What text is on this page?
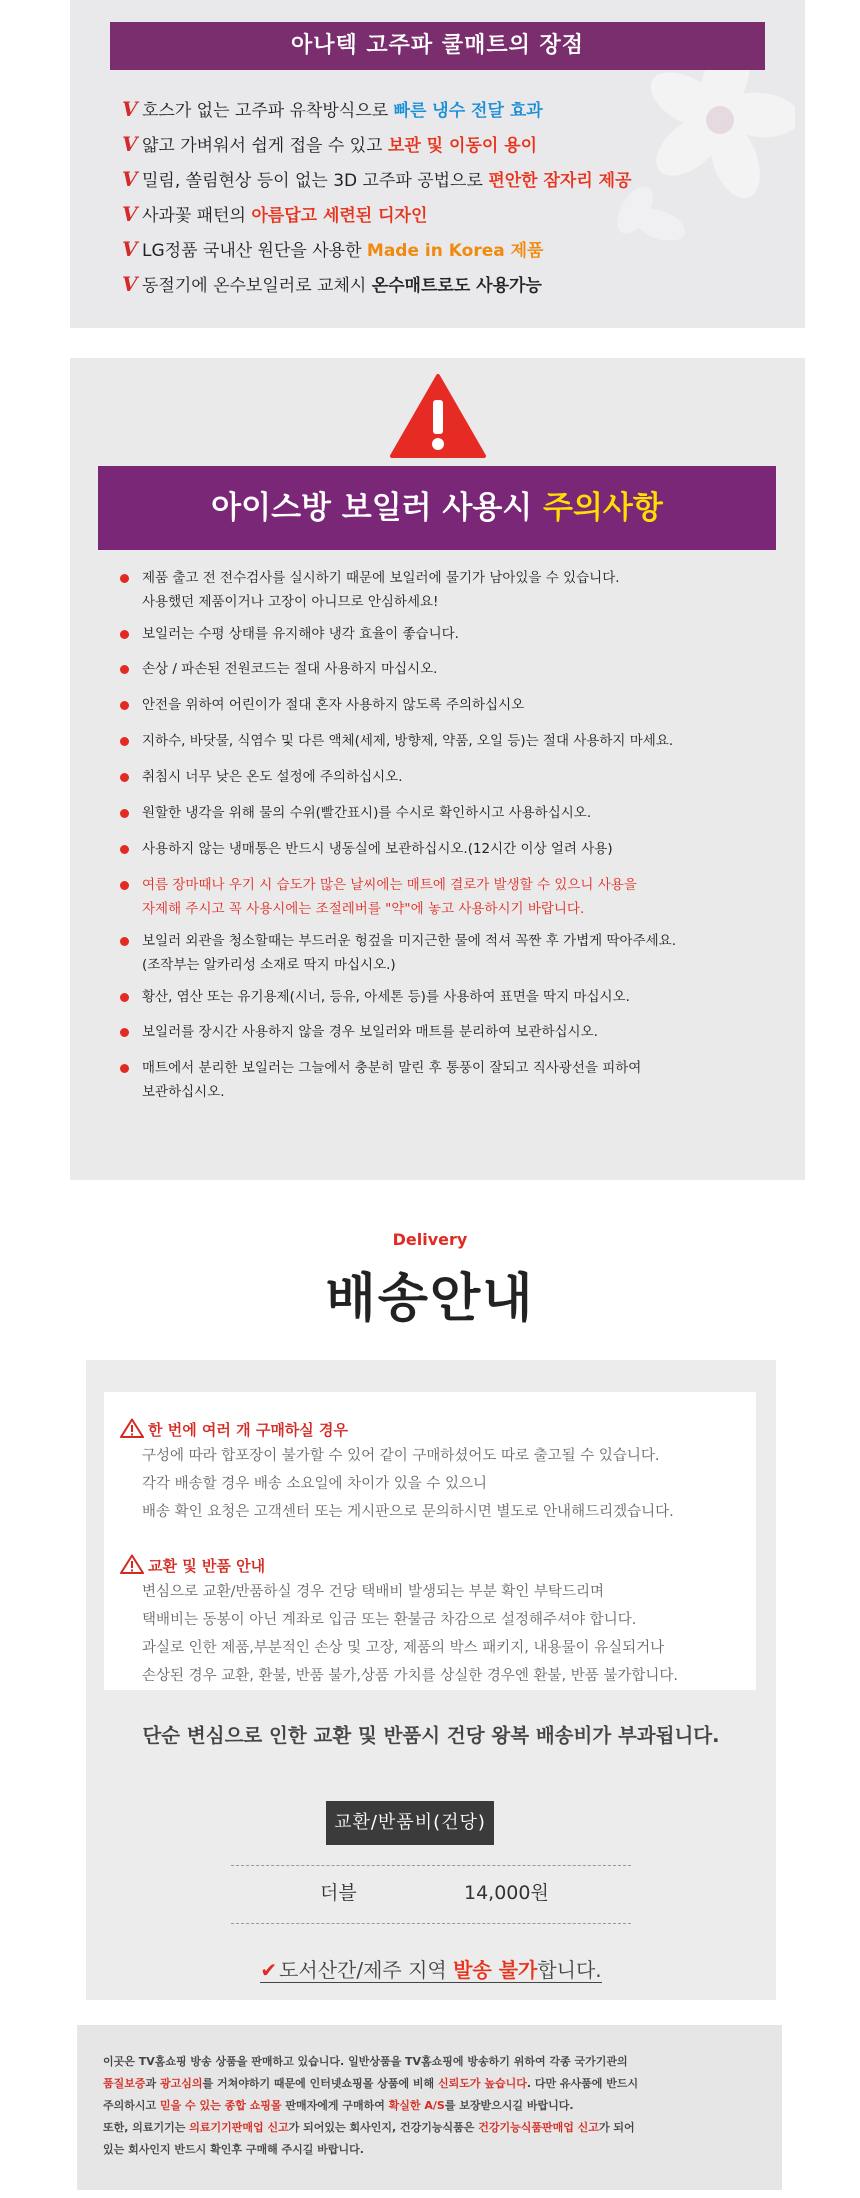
아나텍 고주파 쿨매트의 장점
V 호스가 없는 고주파 유착방식으로 빠른 냉수 전달 효과
V 얇고 가벼워서 쉽게 접을 수 있고 보관 및 이동이 용이
V 밀림, 쏠림현상 등이 없는 3D 고주파 공법으로 편안한 잠자리 제공
V 사과꽃 패턴의 아름답고 세련된 디자인
V LG정품 국내산 원단을 사용한 Made in Korea 제품
V 동절기에 온수보일러로 교체시 온수매트로도 사용가능
아이스방 보일러 사용시 주의사항
제품 출고 전 전수검사를 실시하기 때문에 보일러에 물기가 남아있을 수 있습니다.
사용했던 제품이거나 고장이 아니므로 안심하세요!
보일러는 수평 상태를 유지해야 냉각 효율이 좋습니다.
손상 / 파손된 전원코드는 절대 사용하지 마십시오.
안전을 위하여 어린이가 절대 혼자 사용하지 않도록 주의하십시오
지하수, 바닷물, 식염수 및 다른 액체(세제, 방향제, 약품, 오일 등)는 절대 사용하지 마세요.
취침시 너무 낮은 온도 설정에 주의하십시오.
원할한 냉각을 위해 물의 수위(빨간표시)를 수시로 확인하시고 사용하십시오.
사용하지 않는 냉매통은 반드시 냉동실에 보관하십시오.(12시간 이상 얼려 사용)
여름 장마때나 우기 시 습도가 많은 날씨에는 매트에 결로가 발생할 수 있으니 사용을
자제해 주시고 꼭 사용시에는 조절레버를 "약"에 놓고 사용하시기 바랍니다.
보일러 외관을 청소할때는 부드러운 헝겊을 미지근한 물에 적셔 꼭짠 후 가볍게 딱아주세요.
(조작부는 알카리성 소재로 딱지 마십시오.)
황산, 염산 또는 유기용제(시너, 등유, 아세톤 등)를 사용하여 표면을 딱지 마십시오.
보일러를 장시간 사용하지 않을 경우 보일러와 매트를 분리하여 보관하십시오.
매트에서 분리한 보일러는 그늘에서 충분히 말린 후 통풍이 잘되고 직사광선을 피하여
보관하십시오.
Delivery
배송안내
한 번에 여러 개 구매하실 경우
구성에 따라 합포장이 불가할 수 있어 같이 구매하셨어도 따로 출고될 수 있습니다.
각각 배송할 경우 배송 소요일에 차이가 있을 수 있으니
배송 확인 요청은 고객센터 또는 게시판으로 문의하시면 별도로 안내해드리겠습니다.
교환 및 반품 안내
변심으로 교환/반품하실 경우 건당 택배비 발생되는 부분 확인 부탁드리며
택배비는 동봉이 아닌 계좌로 입금 또는 환불금 차감으로 설정해주셔야 합니다.
과실로 인한 제품,부분적인 손상 및 고장, 제품의 박스 패키지, 내용물이 유실되거나
손상된 경우 교환, 환불, 반품 불가,상품 가치를 상실한 경우엔 환불, 반품 불가합니다.
단순 변심으로 인한 교환 및 반품시 건당 왕복 배송비가 부과됩니다.
교환/반품비(건당)
더블	14,000원
✔ 도서산간/제주 지역 발송 불가합니다.

이곳은 TV홈쇼핑 방송 상품을 판매하고 있습니다. 일반상품을 TV홈쇼핑에 방송하기 위하여 각종 국가기관의

품질보증과 광고심의를 거쳐야하기 때문에 인터넷쇼핑몰 상품에 비해 신뢰도가 높습니다. 다만 유사품에 반드시

주의하시고 믿을 수 있는 종합 쇼핑몰 판매자에게 구매하여 확실한 A/S를 보장받으시길 바랍니다.

또한, 의료기기는 의료기기판매업 신고가 되어있는 회사인지, 건강기능식품은 건강기능식품판매업 신고가 되어

있는 회사인지 반드시 확인후 구매해 주시길 바랍니다.
